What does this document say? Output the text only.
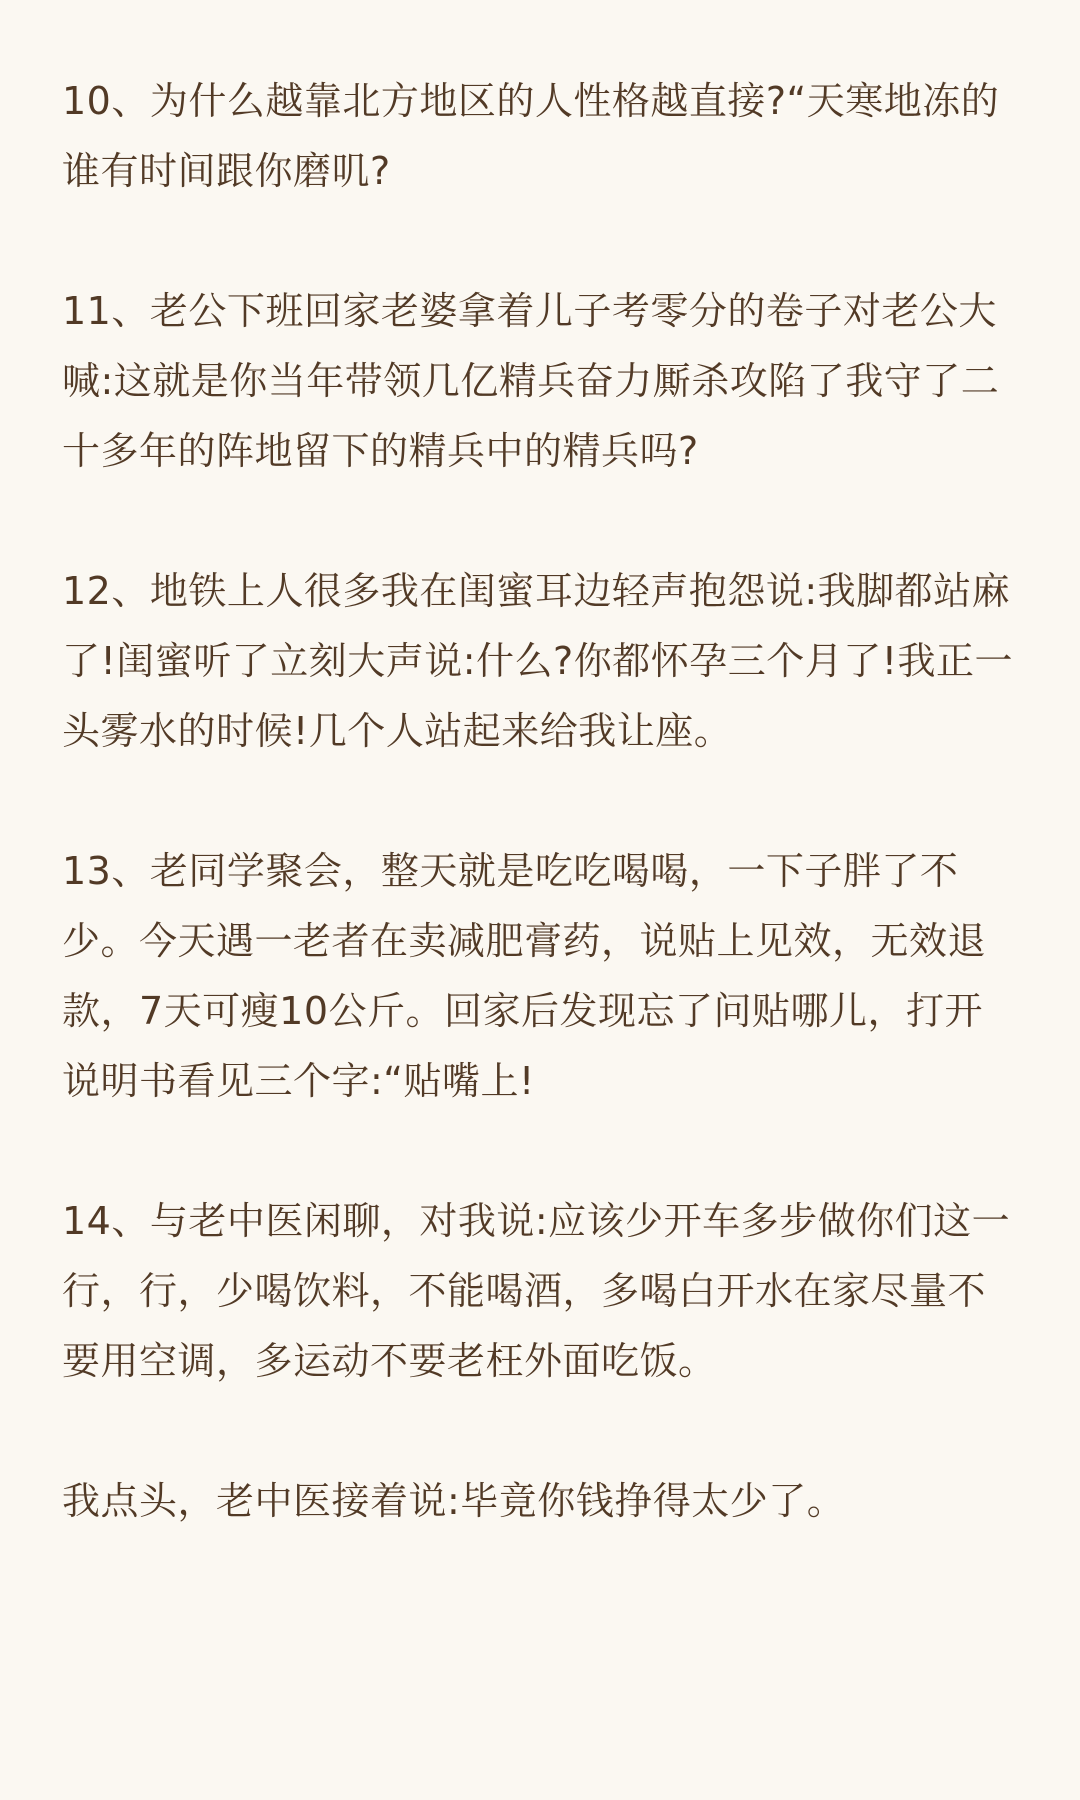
10、为什么越靠北方地区的人性格越直接?“天寒地冻的谁有时间跟你磨叽?

11、老公下班回家老婆拿着儿子考零分的卷子对老公大喊:这就是你当年带领几亿精兵奋力厮杀攻陷了我守了二十多年的阵地留下的精兵中的精兵吗?

12、地铁上人很多我在闺蜜耳边轻声抱怨说:我脚都站麻了!闺蜜听了立刻大声说:什么?你都怀孕三个月了!我正一头雾水的时候!几个人站起来给我让座。

13、老同学聚会，整天就是吃吃喝喝，一下子胖了不少。今天遇一老者在卖减肥膏药，说贴上见效，无效退款，7天可瘦10公斤。回家后发现忘了问贴哪儿，打开说明书看见三个字:“贴嘴上!

14、与老中医闲聊，对我说:应该少开车多步做你们这一行，行，少喝饮料，不能喝酒，多喝白开水在家尽量不要用空调，多运动不要老枉外面吃饭。

我点头，老中医接着说:毕竟你钱挣得太少了。
